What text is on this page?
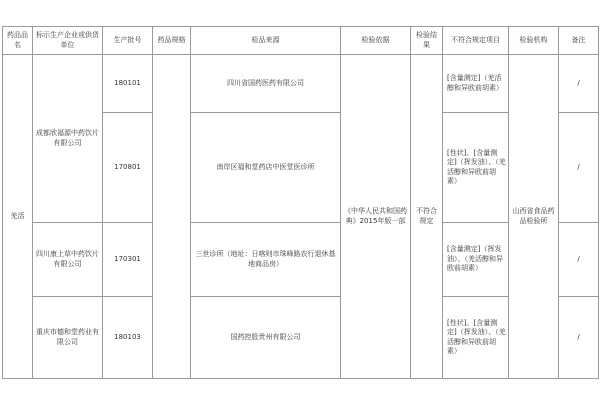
药品品名	标示生产企业或供货单位	生产批号	药品规格	检品来源	检验依据	检验结果	不符合规定项目	检验机构	备注
羌活	成都欣福源中药饮片有限公司	180101		四川省国药医药有限公司	《中华人民共和国药典》2015年版一部	不符合规定	[含量测定]（羌活醇和异欧前胡素）	山西省食品药品检验所	/
		170801		南岸区福和堂药店中医堂医诊所			[性状]、[含量测定]（挥发油）、（羌活醇和异欧前胡素）		/
	四川康上草中药饮片有限公司	170301		三世诊所（地址：日喀则市珠峰路农行退休基地商品房）			[含量测定]（挥发油）、（羌活醇和异欧前胡素）		/
	重庆市德和堂药业有限公司	180103		国药控股贵州有限公司			[性状]、[含量测定]（挥发油）、（羌活醇和异欧前胡素）		/
